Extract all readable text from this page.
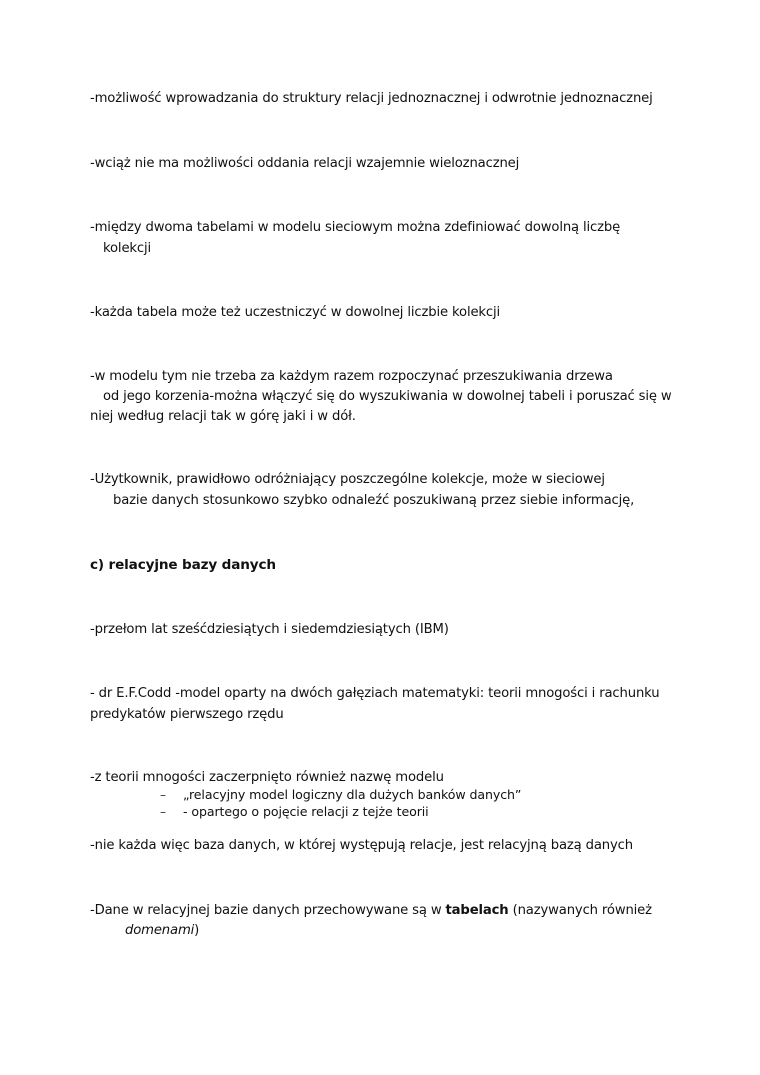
-możliwość wprowadzania do struktury relacji jednoznacznej i odwrotnie jednoznacznej
-wciąż nie ma możliwości oddania relacji wzajemnie wieloznacznej
-między dwoma tabelami w modelu sieciowym można zdefiniować dowolną liczbę
kolekcji
-każda tabela może też uczestniczyć w dowolnej liczbie kolekcji
-w modelu tym nie trzeba za każdym razem rozpoczynać przeszukiwania drzewa
od jego korzenia-można włączyć się do wyszukiwania w dowolnej tabeli i poruszać się w
niej według relacji tak w górę jaki i w dół.
-Użytkownik, prawidłowo odróżniający poszczególne kolekcje, może w sieciowej
bazie danych stosunkowo szybko odnaleźć poszukiwaną przez siebie informację,
c) relacyjne bazy danych
-przełom lat sześćdziesiątych i siedemdziesiątych (IBM)
- dr E.F.Codd -model oparty na dwóch gałęziach matematyki: teorii mnogości i rachunku
predykatów pierwszego rzędu
-z teorii mnogości zaczerpnięto również nazwę modelu
– „relacyjny model logiczny dla dużych banków danych”
– - opartego o pojęcie relacji z tejże teorii
-nie każda więc baza danych, w której występują relacje, jest relacyjną bazą danych
-Dane w relacyjnej bazie danych przechowywane są w tabelach (nazywanych również
domenami)
